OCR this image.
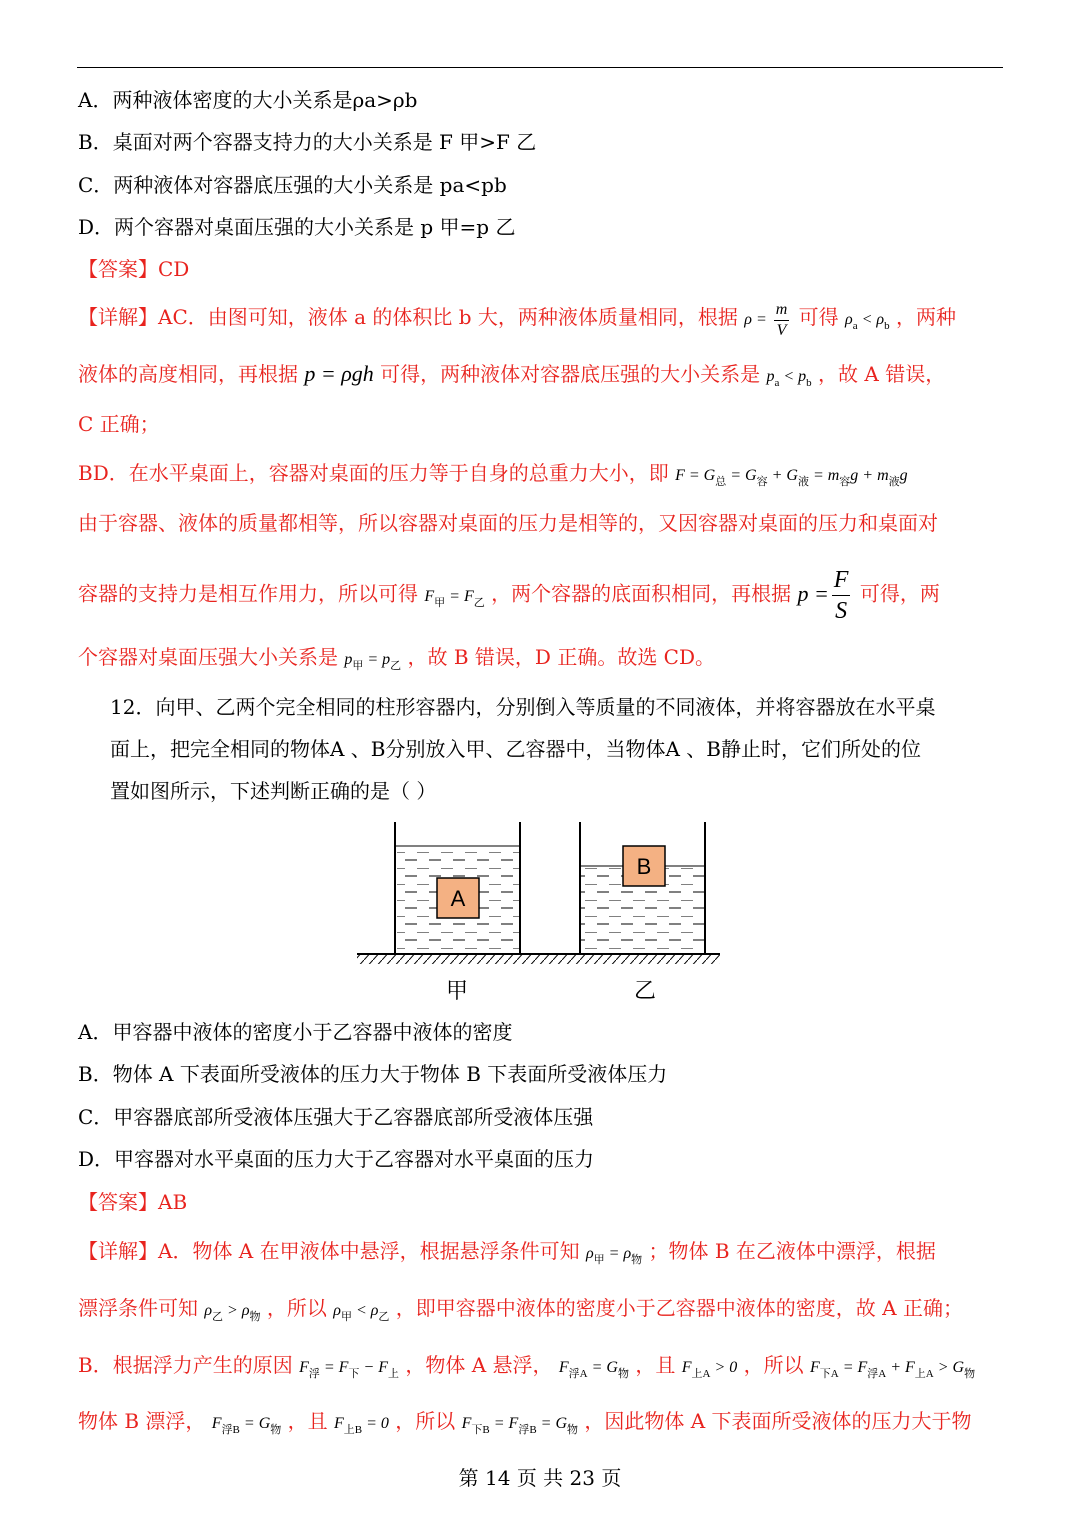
A．两种液体密度的大小关系是ρa>ρb
B．桌面对两个容器支持力的大小关系是 F 甲>F 乙
C．两种液体对容器底压强的大小关系是 pa<pb
D．两个容器对桌面压强的大小关系是 p 甲=p 乙
【答案】CD
【详解】AC．由图可知，液体 a 的体积比 b 大，两种液体质量相同，根据 $\rho = \frac{m}{V}$ 可得 $\rho_a < \rho_b$ ，两种
液体的高度相同，再根据 p = ρgh 可得，两种液体对容器底压强的大小关系是 $p_a < p_b$ ，故 A 错误，
C 正确；
BD．在水平桌面上，容器对桌面的压力等于自身的总重力大小，即 $F = G_总 = G_容 + G_液 = m_容g + m_液g$
由于容器、液体的质量都相等，所以容器对桌面的压力是相等的，又因容器对桌面的压力和桌面对
容器的支持力是相互作用力，所以可得 $F_甲 = F_乙$ ，两个容器的底面积相同，再根据 $p = \frac{F}{S}$ 可得，两
个容器对桌面压强大小关系是 $p_甲 = p_乙$ ，故 B 错误，D 正确。故选 CD。
12．向甲、乙两个完全相同的柱形容器内，分别倒入等质量的不同液体，并将容器放在水平桌
面上，把完全相同的物体A 、B分别放入甲、乙容器中，当物体A 、B静止时，它们所处的位
置如图所示，下述判断正确的是（ ）
A
B
甲	乙
A．甲容器中液体的密度小于乙容器中液体的密度
B．物体 A 下表面所受液体的压力大于物体 B 下表面所受液体压力
C．甲容器底部所受液体压强大于乙容器底部所受液体压强
D．甲容器对水平桌面的压力大于乙容器对水平桌面的压力
【答案】AB
【详解】A．物体 A 在甲液体中悬浮，根据悬浮条件可知 $\rho_甲 = \rho_物$ ；物体 B 在乙液体中漂浮，根据
漂浮条件可知 $\rho_乙 > \rho_物$ ，所以 $\rho_甲 < \rho_乙$ ，即甲容器中液体的密度小于乙容器中液体的密度，故 A 正确；
B．根据浮力产生的原因 $F_浮 = F_下 - F_上$ ，物体 A 悬浮， $F_{浮A} = G_物$ ，且 $F_{上A} > 0$ ，所以 $F_{下A} = F_{浮A} + F_{上A} > G_物$
物体 B 漂浮， $F_{浮B} = G_物$ ，且 $F_{上B} = 0$ ，所以 $F_{下B} = F_{浮B} = G_物$ ，因此物体 A 下表面所受液体的压力大于物
第 14 页 共 23 页
